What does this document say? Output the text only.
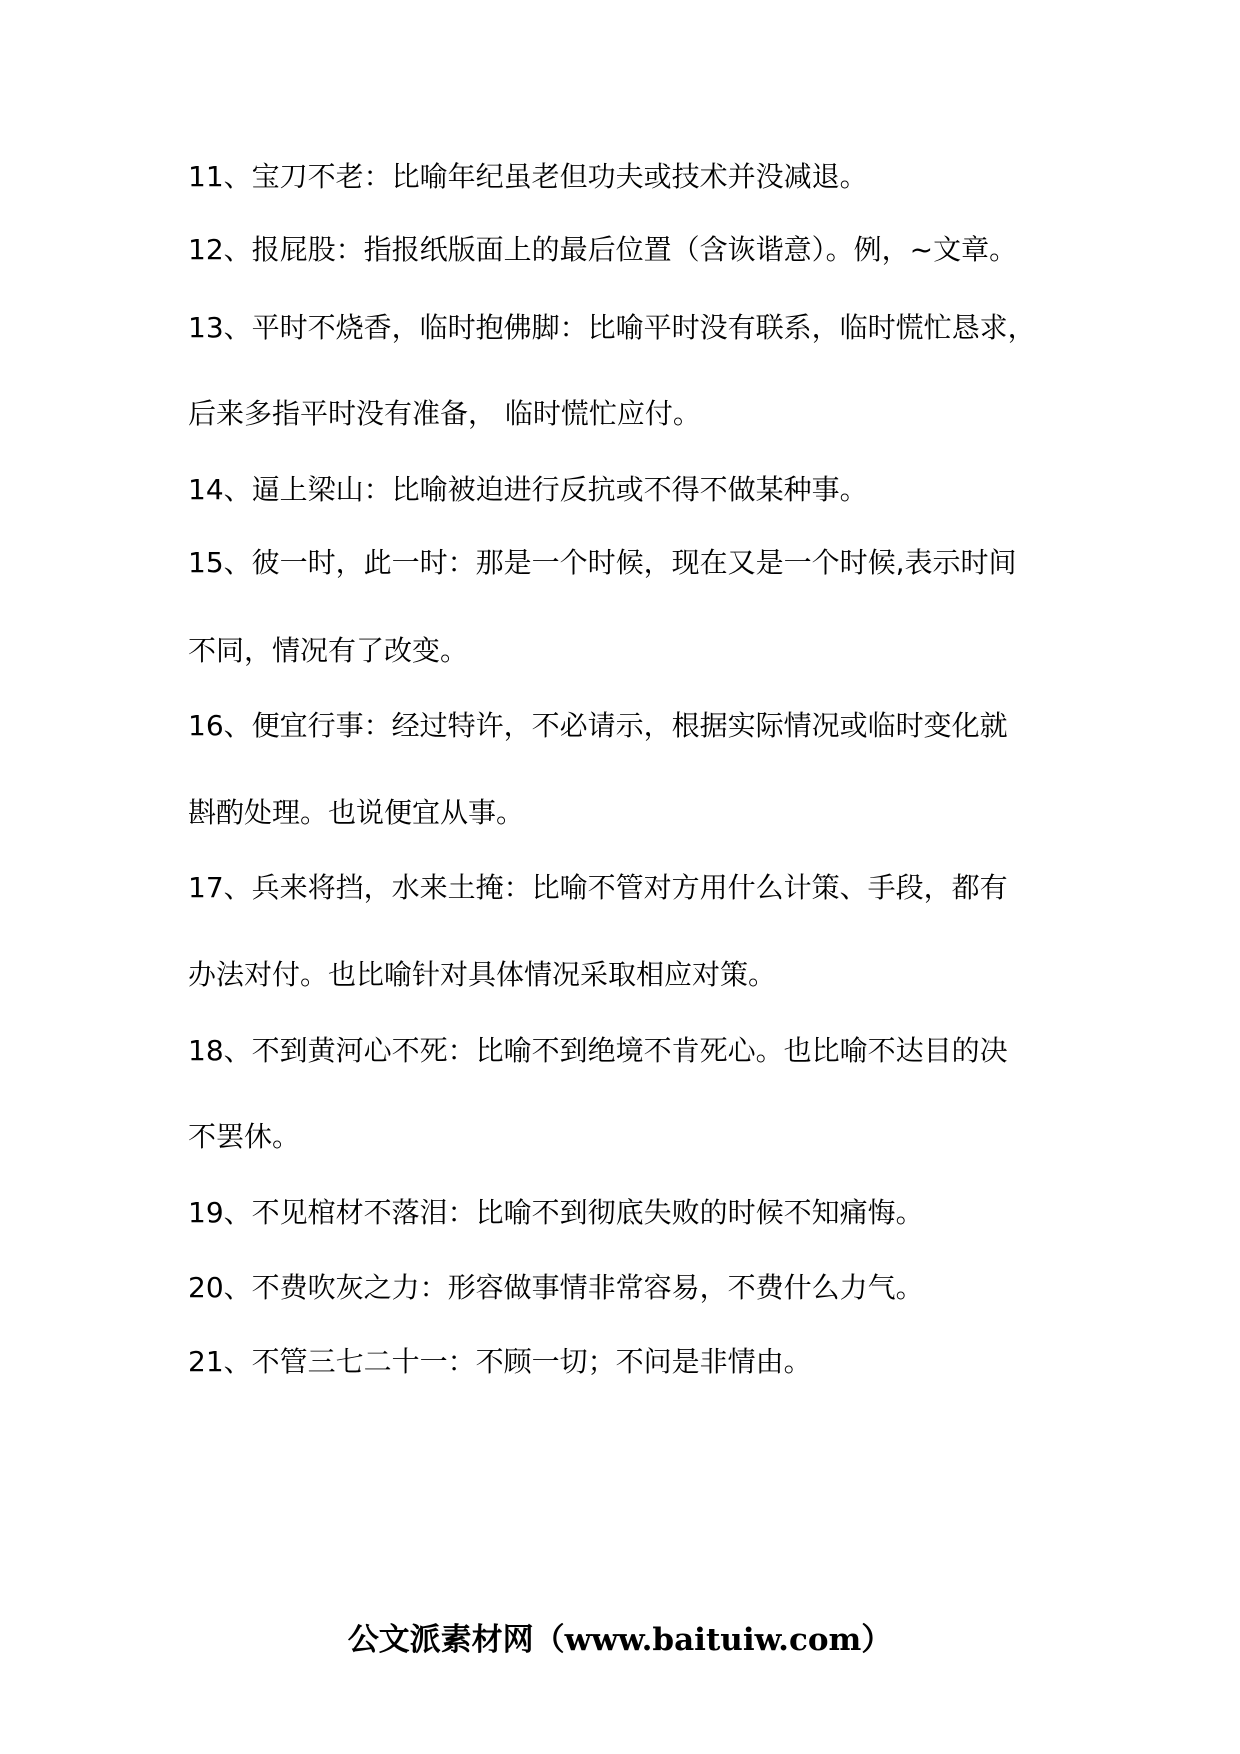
11、宝刀不老：比喻年纪虽老但功夫或技术并没减退。
12、报屁股：指报纸版面上的最后位置（含诙谐意）。例，~文章。
13、平时不烧香，临时抱佛脚：比喻平时没有联系，临时慌忙恳求，
后来多指平时没有准备， 临时慌忙应付。
14、逼上梁山：比喻被迫进行反抗或不得不做某种事。
15、彼一时，此一时：那是一个时候，现在又是一个时候,表示时间
不同，情况有了改变。
16、便宜行事：经过特许，不必请示，根据实际情况或临时变化就
斟酌处理。也说便宜从事。
17、兵来将挡，水来土掩：比喻不管对方用什么计策、手段，都有
办法对付。也比喻针对具体情况采取相应对策。
18、不到黄河心不死：比喻不到绝境不肯死心。也比喻不达目的决
不罢休。
19、不见棺材不落泪：比喻不到彻底失败的时候不知痛悔。
20、不费吹灰之力：形容做事情非常容易，不费什么力气。
21、不管三七二十一：不顾一切；不问是非情由。
公文派素材网（www.baituiw.com）
